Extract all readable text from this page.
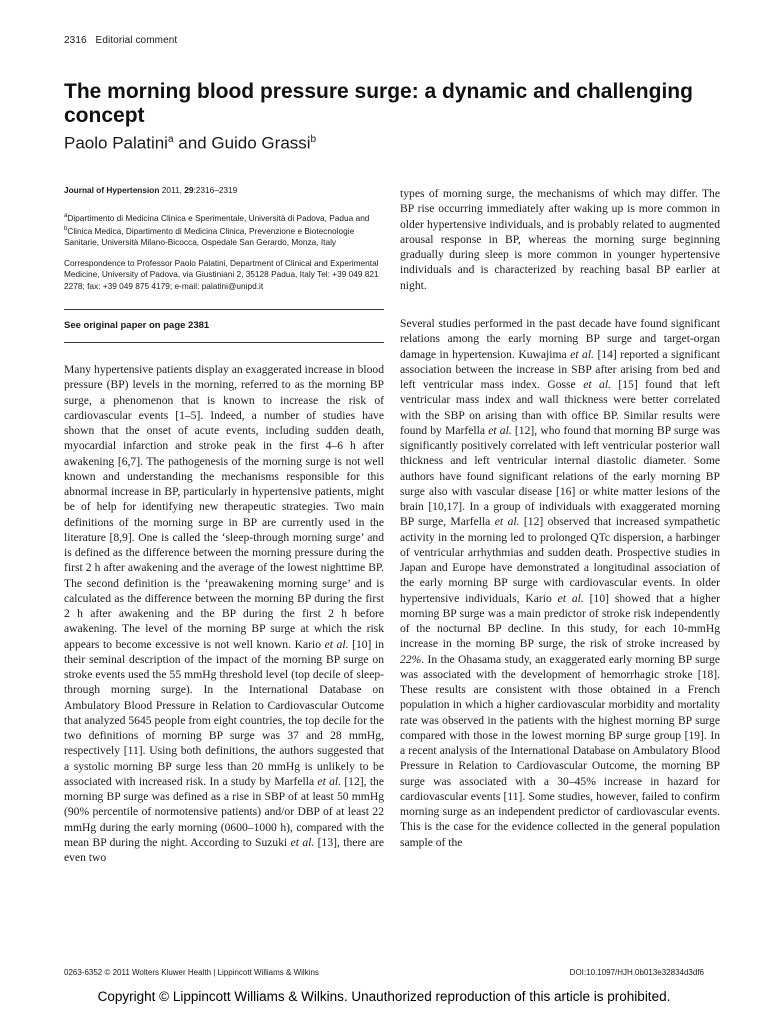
2316 Editorial comment
The morning blood pressure surge: a dynamic and challenging concept

Paolo Palatini$^a$ and Guido Grassi$^b$

Journal of Hypertension 2011, 29:2316–2319

$^a$Dipartimento di Medicina Clinica e Sperimentale, Università di Padova, Padua and $^b$Clinica Medica, Dipartimento di Medicina Clinica, Prevenzione e Biotecnologie Sanitarie, Università Milano-Bicocca, Ospedale San Gerardo, Monza, Italy

Correspondence to Professor Paolo Palatini, Department of Clinical and Experimental Medicine, University of Padova, via Giustiniani 2, 35128 Padua, Italy Tel: +39 049 821 2278; fax: +39 049 875 4179; e-mail: palatini@unipd.it

See original paper on page 2381

Many hypertensive patients display an exaggerated increase in blood pressure (BP) levels in the morning, referred to as the morning BP surge, a phenomenon that is known to increase the risk of cardiovascular events [1–5]. Indeed, a number of studies have shown that the onset of acute events, including sudden death, myocardial infarction and stroke peak in the first 4–6 h after awakening [6,7]. The pathogenesis of the morning surge is not well known and understanding the mechanisms responsible for this abnormal increase in BP, particularly in hypertensive patients, might be of help for identifying new therapeutic strategies. Two main definitions of the morning surge in BP are currently used in the literature [8,9]. One is called the ‘sleep-through morning surge’ and is defined as the difference between the morning pressure during the first 2 h after awakening and the average of the lowest nighttime BP. The second definition is the ‘preawakening morning surge’ and is calculated as the difference between the morning BP during the first 2 h after awakening and the BP during the first 2 h before awakening. The level of the morning BP surge at which the risk appears to become excessive is not well known. Kario et al. [10] in their seminal description of the impact of the morning BP surge on stroke events used the 55 mmHg threshold level (top decile of sleep-through morning surge). In the International Database on Ambulatory Blood Pressure in Relation to Cardiovascular Outcome that analyzed 5645 people from eight countries, the top decile for the two definitions of morning BP surge was 37 and 28 mmHg, respectively [11]. Using both definitions, the authors suggested that a systolic morning BP surge less than 20 mmHg is unlikely to be associated with increased risk. In a study by Marfella et al. [12], the morning BP surge was defined as a rise in SBP of at least 50 mmHg (90% percentile of normotensive patients) and/or DBP of at least 22 mmHg during the early morning (0600–1000 h), compared with the mean BP during the night. According to Suzuki et al. [13], there are even two

types of morning surge, the mechanisms of which may differ. The BP rise occurring immediately after waking up is more common in older hypertensive individuals, and is probably related to augmented arousal response in BP, whereas the morning surge beginning gradually during sleep is more common in younger hypertensive individuals and is characterized by reaching basal BP earlier at night.

Several studies performed in the past decade have found significant relations among the early morning BP surge and target-organ damage in hypertension. Kuwajima et al. [14] reported a significant association between the increase in SBP after arising from bed and left ventricular mass index. Gosse et al. [15] found that left ventricular mass index and wall thickness were better correlated with the SBP on arising than with office BP. Similar results were found by Marfella et al. [12], who found that morning BP surge was significantly positively correlated with left ventricular posterior wall thickness and left ventricular internal diastolic diameter. Some authors have found significant relations of the early morning BP surge also with vascular disease [16] or white matter lesions of the brain [10,17]. In a group of individuals with exaggerated morning BP surge, Marfella et al. [12] observed that increased sympathetic activity in the morning led to prolonged QTc dispersion, a harbinger of ventricular arrhythmias and sudden death. Prospective studies in Japan and Europe have demonstrated a longitudinal association of the early morning BP surge with cardiovascular events. In older hypertensive individuals, Kario et al. [10] showed that a higher morning BP surge was a main predictor of stroke risk independently of the nocturnal BP decline. In this study, for each 10-mmHg increase in the morning BP surge, the risk of stroke increased by 22%. In the Ohasama study, an exaggerated early morning BP surge was associated with the development of hemorrhagic stroke [18]. These results are consistent with those obtained in a French population in which a higher cardiovascular morbidity and mortality rate was observed in the patients with the highest morning BP surge compared with those in the lowest morning BP surge group [19]. In a recent analysis of the International Database on Ambulatory Blood Pressure in Relation to Cardiovascular Outcome, the morning BP surge was associated with a 30–45% increase in hazard for cardiovascular events [11]. Some studies, however, failed to confirm morning surge as an independent predictor of cardiovascular events. This is the case for the evidence collected in the general population sample of the

0263-6352 © 2011 Wolters Kluwer Health | Lippincott Williams & Wilkins	DOI:10.1097/HJH.0b013e32834d3df6
Copyright © Lippincott Williams & Wilkins. Unauthorized reproduction of this article is prohibited.
